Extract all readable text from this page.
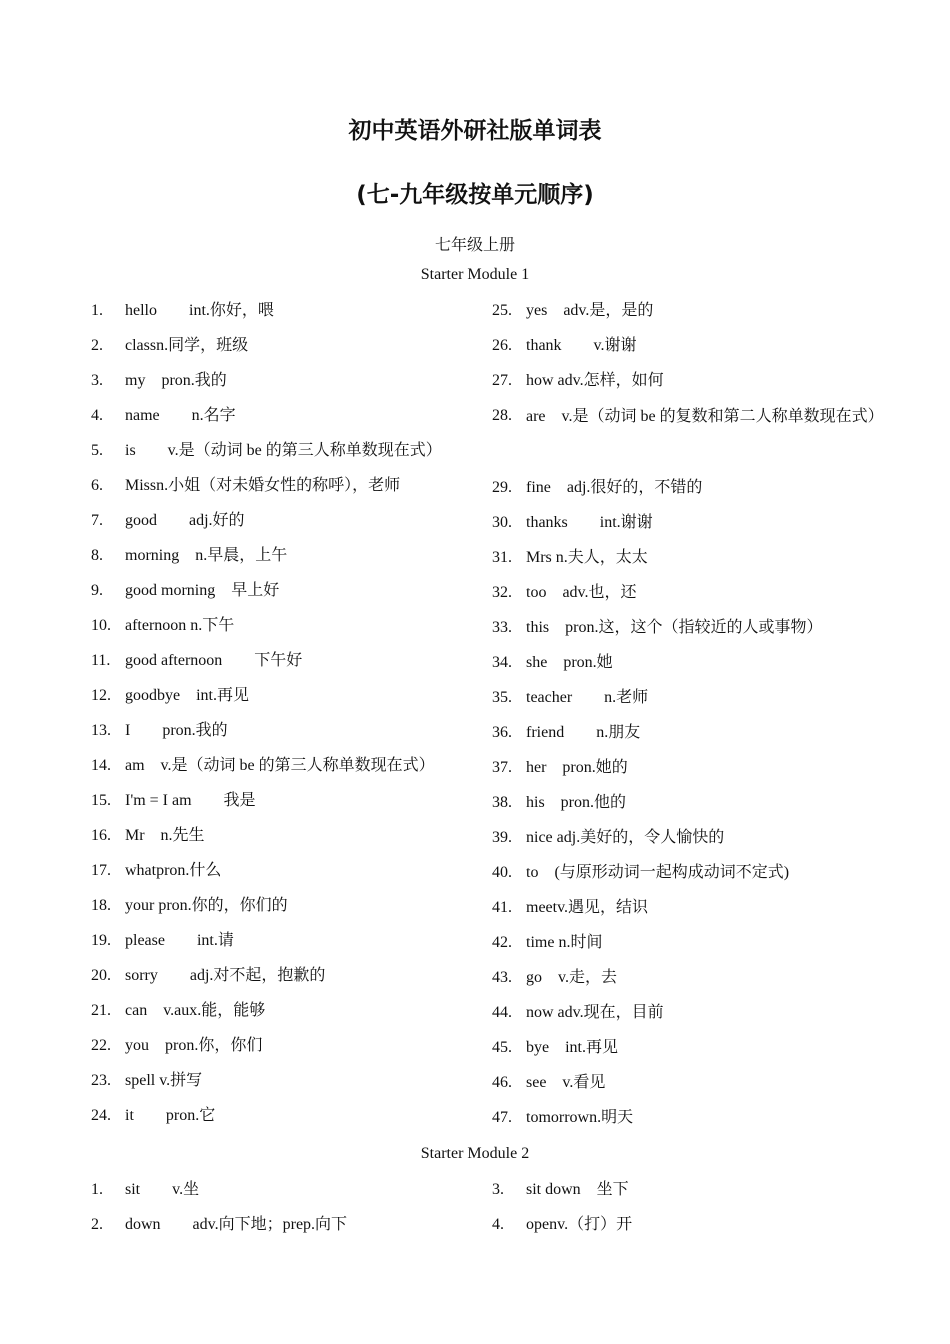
初中英语外研社版单词表
(七-九年级按单元顺序)
七年级上册
Starter Module 1
1.	hello　　int.你好，喂
2.	classn.同学，班级
3.	my　pron.我的
4.	name　　n.名字
5.	is　　v.是（动词 be 的第三人称单数现在式）
6.	Missn.小姐（对未婚女性的称呼），老师
7.	good　　adj.好的
8.	morning　n.早晨，上午
9.	good morning　早上好
10. afternoon n.下午
11. good afternoon　　下午好
12. goodbye　int.再见
13. I　　pron.我的
14. am　v.是（动词 be 的第三人称单数现在式）
15. I'm = I am　　我是
16. Mr　n.先生
17. whatpron.什么
18. your pron.你的，你们的
19. please　　int.请
20. sorry　　adj.对不起，抱歉的
21. can　v.aux.能，能够
22. you　pron.你，你们
23. spell v.拼写
24. it　　pron.它
25. yes　adv.是，是的
26. thank　　v.谢谢
27. how adv.怎样，如何
28. are　v.是（动词 be 的复数和第二人称单数现在式）
29. fine　adj.很好的，不错的
30. thanks　　int.谢谢
31. Mrs n.夫人，太太
32. too　adv.也，还
33. this　pron.这，这个（指较近的人或事物）
34. she　pron.她
35. teacher　　n.老师
36. friend　　n.朋友
37. her　pron.她的
38. his　pron.他的
39. nice adj.美好的，令人愉快的
40. to　(与原形动词一起构成动词不定式)
41. meetv.遇见，结识
42. time n.时间
43. go　v.走，去
44. now adv.现在，目前
45. bye　int.再见
46. see　v.看见
47. tomorrown.明天
Starter Module 2
1.	sit　　v.坐
2.	down　　adv.向下地；prep.向下
3.	sit down　坐下
4.	openv.（打）开
